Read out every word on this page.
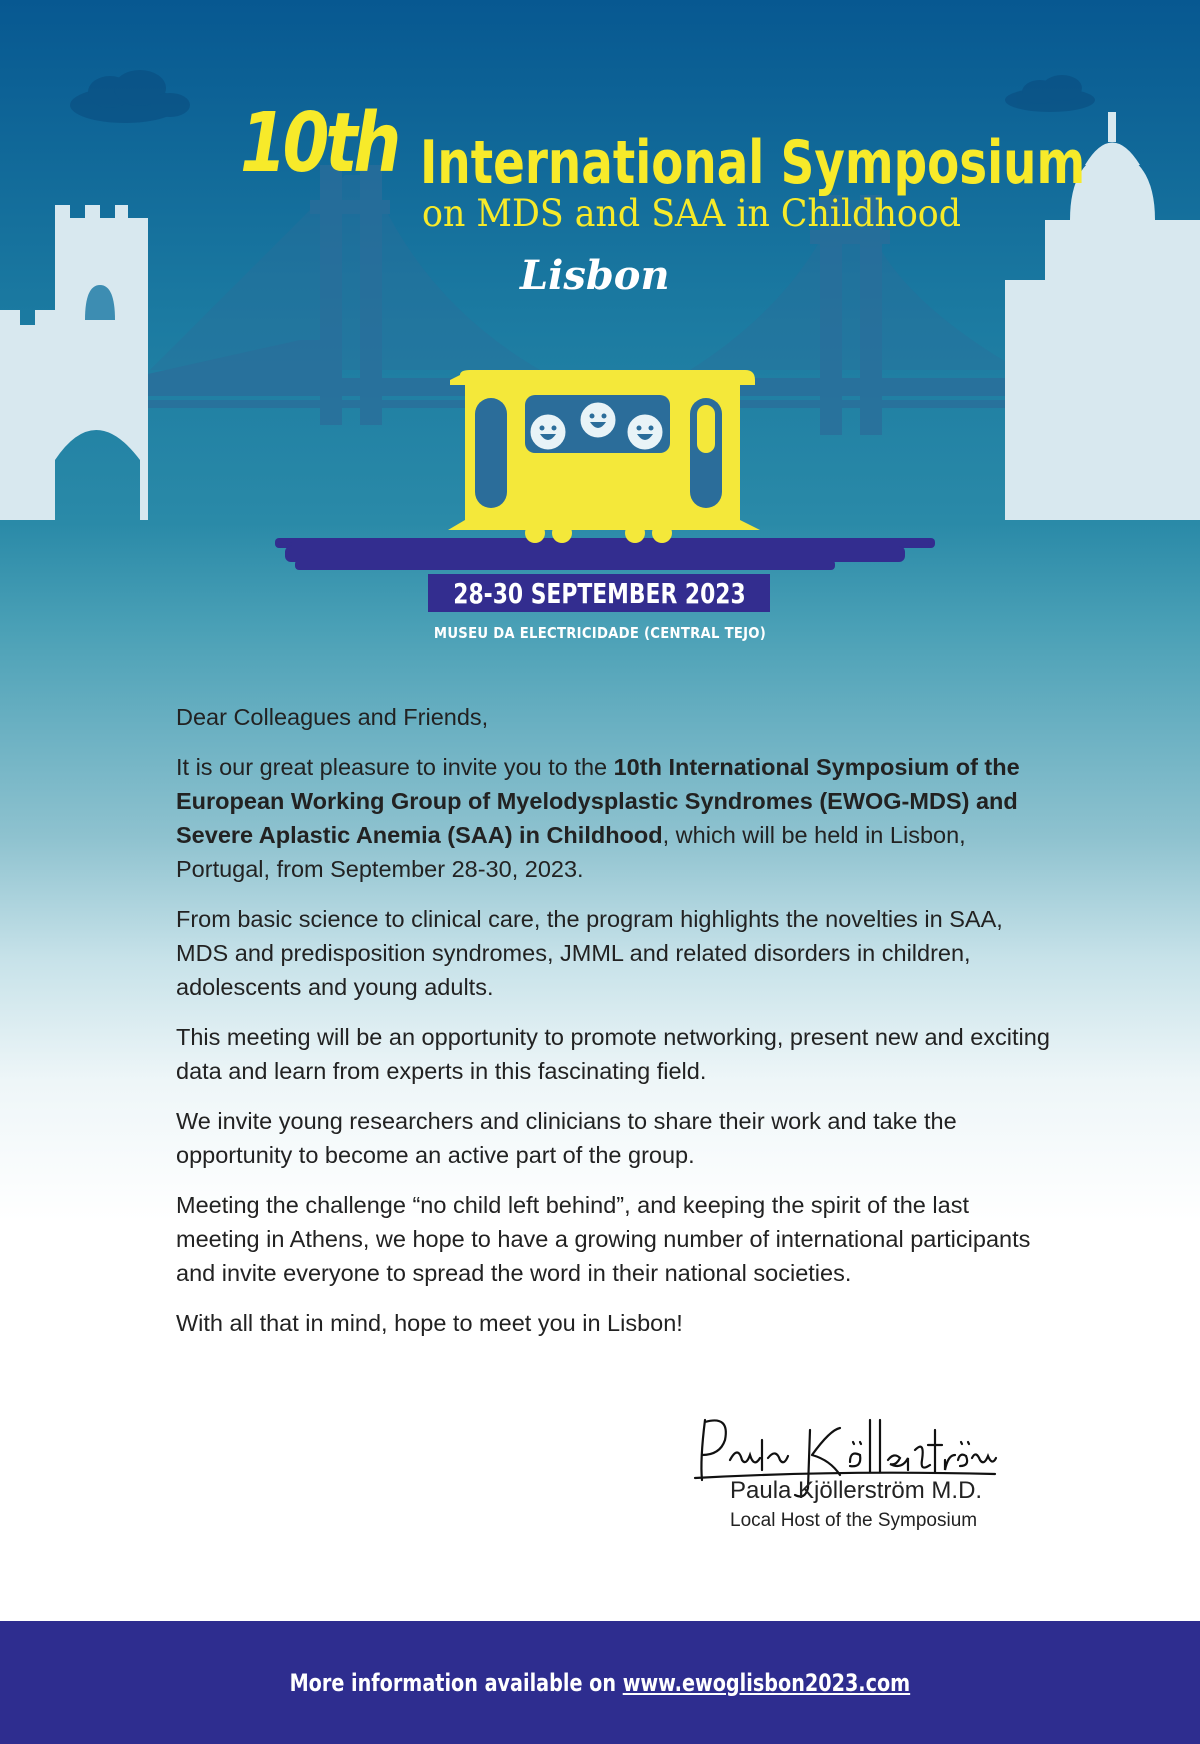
10th International Symposium
on MDS and SAA in Childhood
Lisbon
28-30 SEPTEMBER 2023
MUSEU DA ELECTRICIDADE (CENTRAL TEJO)

Dear Colleagues and Friends,

It is our great pleasure to invite you to the 10th International Symposium of the European Working Group of Myelodysplastic Syndromes (EWOG-MDS) and Severe Aplastic Anemia (SAA) in Childhood, which will be held in Lisbon, Portugal, from September 28-30, 2023.

From basic science to clinical care, the program highlights the novelties in SAA, MDS and predisposition syndromes, JMML and related disorders in children, adolescents and young adults.

This meeting will be an opportunity to promote networking, present new and exciting data and learn from experts in this fascinating field.

We invite young researchers and clinicians to share their work and take the opportunity to become an active part of the group.

Meeting the challenge “no child left behind”, and keeping the spirit of the last meeting in Athens, we hope to have a growing number of international participants and invite everyone to spread the word in their national societies.

With all that in mind, hope to meet you in Lisbon!

Paula Kjöllerström M.D.
Local Host of the Symposium
More information available on www.ewoglisbon2023.com
